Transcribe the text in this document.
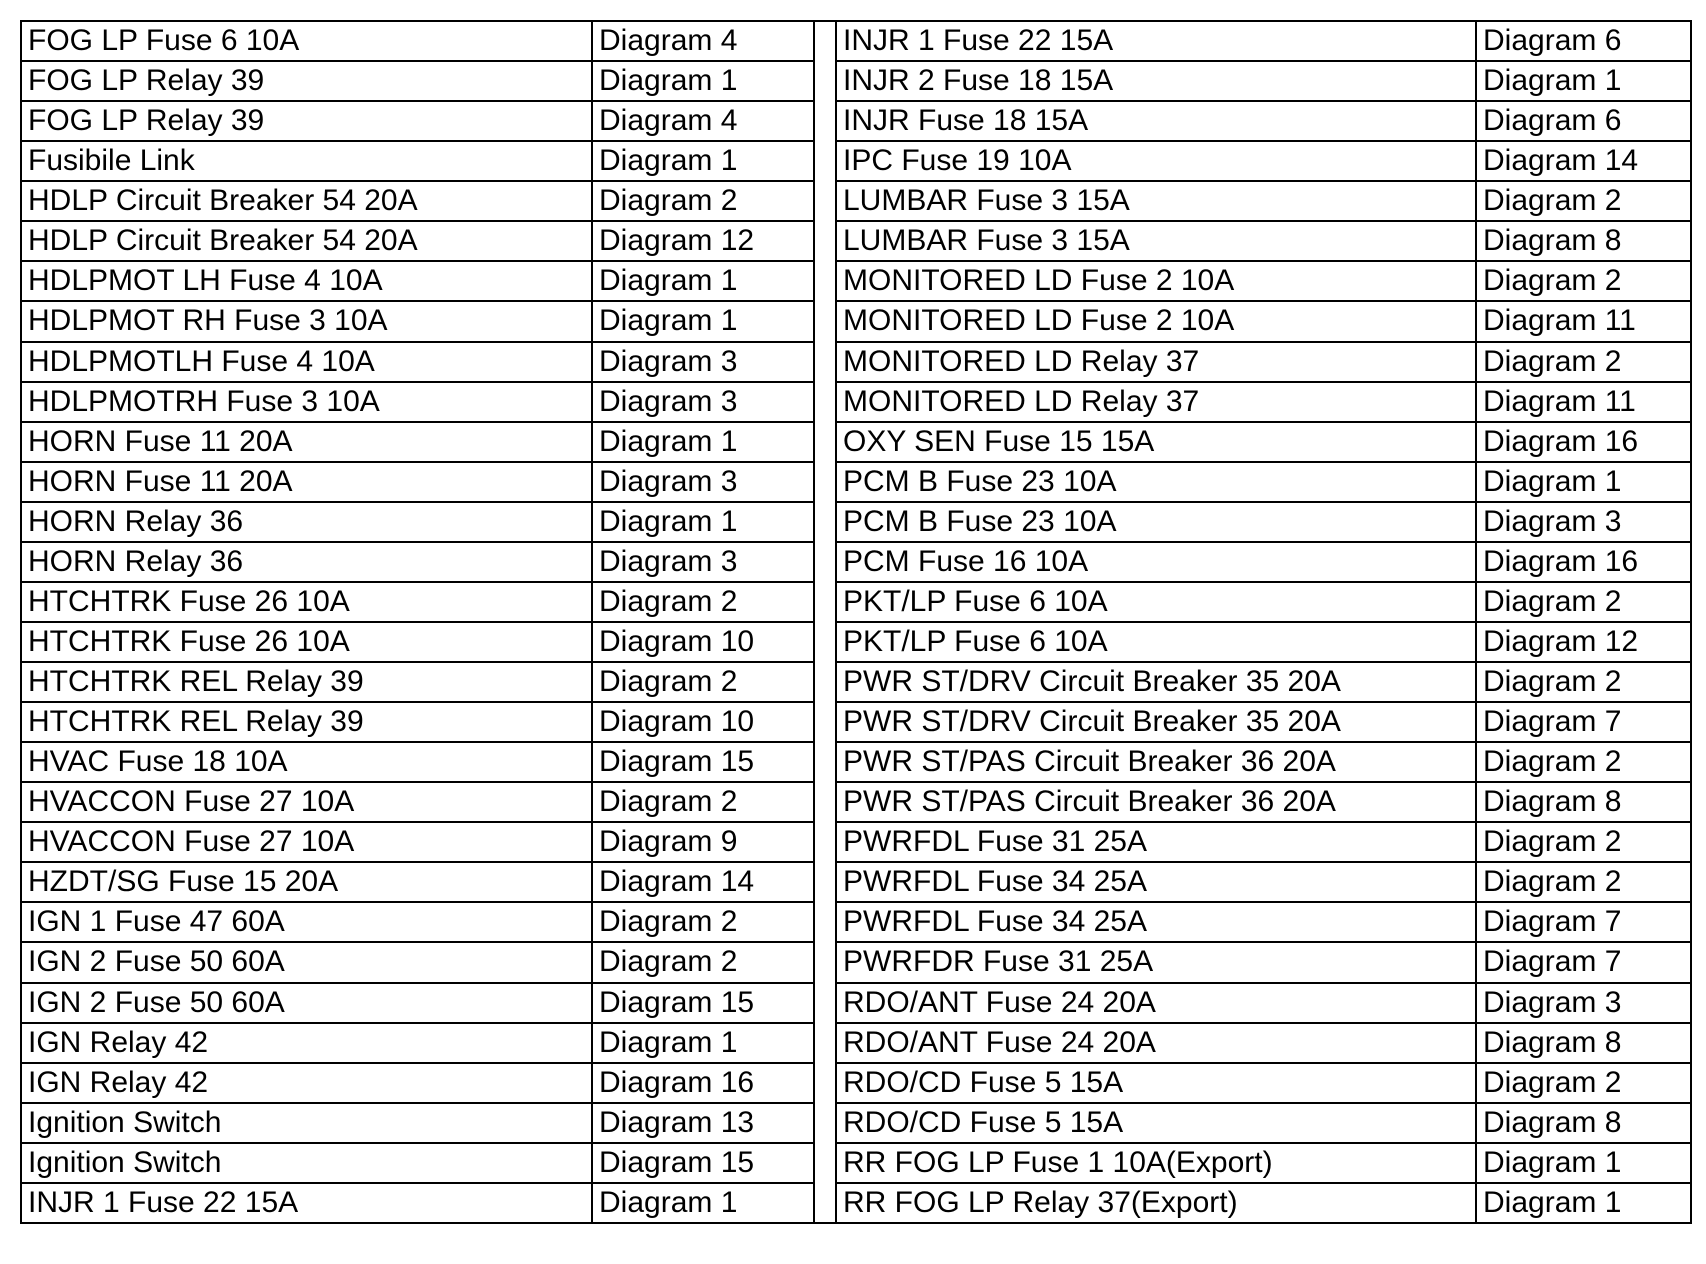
FOG LP Fuse 6 10A	Diagram 4
FOG LP Relay 39	Diagram 1
FOG LP Relay 39	Diagram 4
Fusibile Link	Diagram 1
HDLP Circuit Breaker 54 20A	Diagram 2
HDLP Circuit Breaker 54 20A	Diagram 12
HDLPMOT LH Fuse 4 10A	Diagram 1
HDLPMOT RH Fuse 3 10A	Diagram 1
HDLPMOTLH Fuse 4 10A	Diagram 3
HDLPMOTRH Fuse 3 10A	Diagram 3
HORN Fuse 11 20A	Diagram 1
HORN Fuse 11 20A	Diagram 3
HORN Relay 36	Diagram 1
HORN Relay 36	Diagram 3
HTCHTRK Fuse 26 10A	Diagram 2
HTCHTRK Fuse 26 10A	Diagram 10
HTCHTRK REL Relay 39	Diagram 2
HTCHTRK REL Relay 39	Diagram 10
HVAC Fuse 18 10A	Diagram 15
HVACCON Fuse 27 10A	Diagram 2
HVACCON Fuse 27 10A	Diagram 9
HZDT/SG Fuse 15 20A	Diagram 14
IGN 1 Fuse 47 60A	Diagram 2
IGN 2 Fuse 50 60A	Diagram 2
IGN 2 Fuse 50 60A	Diagram 15
IGN Relay 42	Diagram 1
IGN Relay 42	Diagram 16
Ignition Switch	Diagram 13
Ignition Switch	Diagram 15
INJR 1 Fuse 22 15A	Diagram 1
INJR 1 Fuse 22 15A	Diagram 6
INJR 2 Fuse 18 15A	Diagram 1
INJR Fuse 18 15A	Diagram 6
IPC Fuse 19 10A	Diagram 14
LUMBAR Fuse 3 15A	Diagram 2
LUMBAR Fuse 3 15A	Diagram 8
MONITORED LD Fuse 2 10A	Diagram 2
MONITORED LD Fuse 2 10A	Diagram 11
MONITORED LD Relay 37	Diagram 2
MONITORED LD Relay 37	Diagram 11
OXY SEN Fuse 15 15A	Diagram 16
PCM B Fuse 23 10A	Diagram 1
PCM B Fuse 23 10A	Diagram 3
PCM Fuse 16 10A	Diagram 16
PKT/LP Fuse 6 10A	Diagram 2
PKT/LP Fuse 6 10A	Diagram 12
PWR ST/DRV Circuit Breaker 35 20A	Diagram 2
PWR ST/DRV Circuit Breaker 35 20A	Diagram 7
PWR ST/PAS Circuit Breaker 36 20A	Diagram 2
PWR ST/PAS Circuit Breaker 36 20A	Diagram 8
PWRFDL Fuse 31 25A	Diagram 2
PWRFDL Fuse 34 25A	Diagram 2
PWRFDL Fuse 34 25A	Diagram 7
PWRFDR Fuse 31 25A	Diagram 7
RDO/ANT Fuse 24 20A	Diagram 3
RDO/ANT Fuse 24 20A	Diagram 8
RDO/CD Fuse 5 15A	Diagram 2
RDO/CD Fuse 5 15A	Diagram 8
RR FOG LP Fuse 1 10A(Export)	Diagram 1
RR FOG LP Relay 37(Export)	Diagram 1
